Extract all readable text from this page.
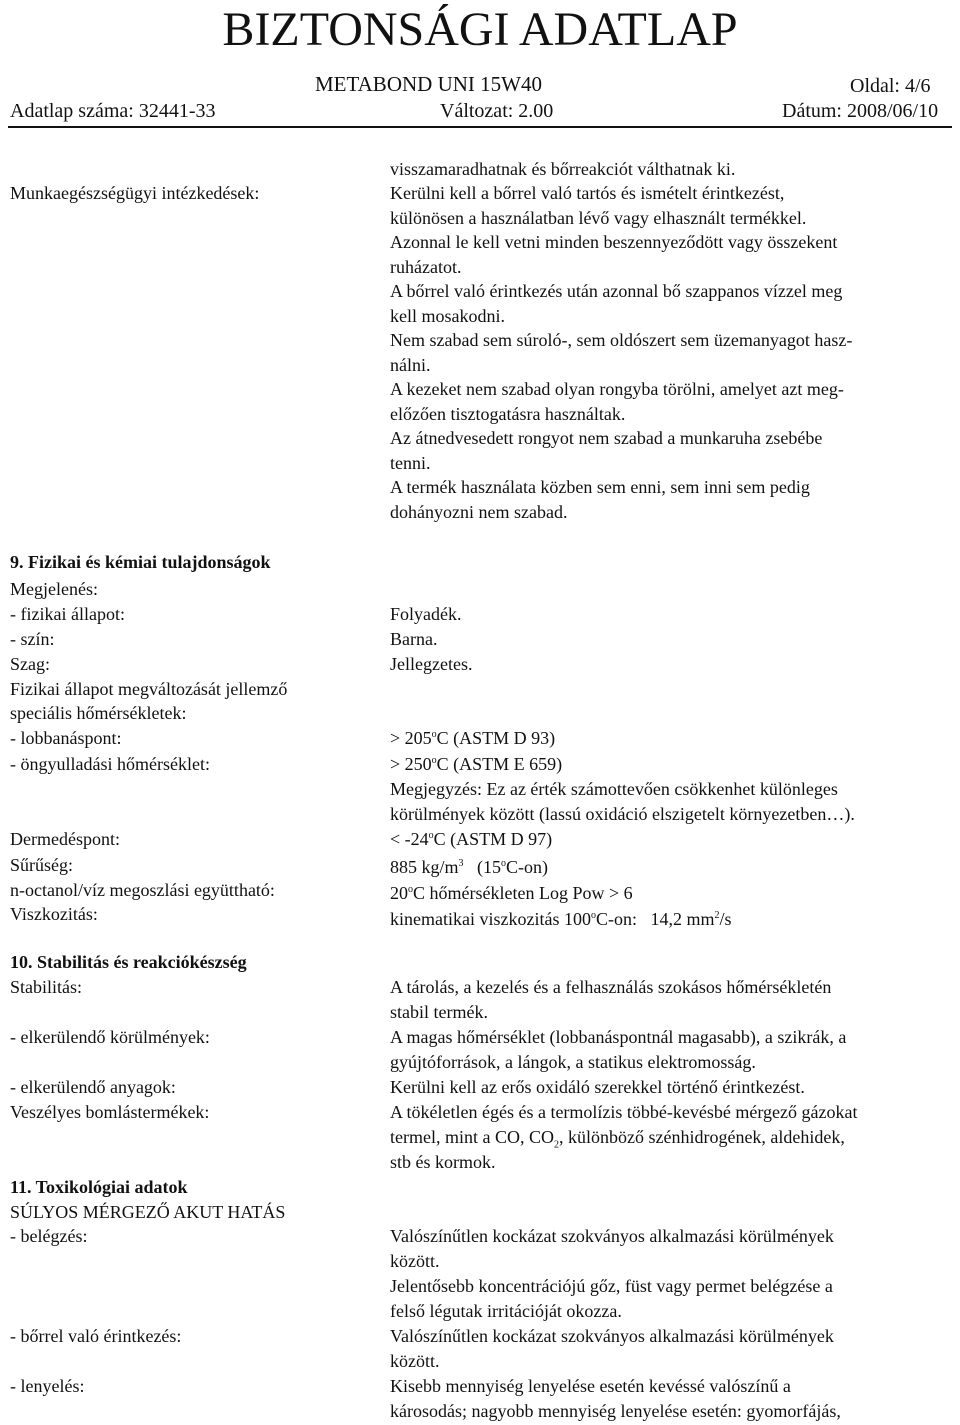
BIZTONSÁGI ADATLAP
METABOND UNI 15W40	Oldal: 4/6
Adatlap száma: 32441-33	Változat: 2.00	Dátum: 2008/06/10
visszamaradhatnak és bőrreakciót válthatnak ki.
Munkaegészségügyi intézkedések:	Kerülni kell a bőrrel való tartós és ismételt érintkezést,
különösen a használatban lévő vagy elhasznált termékkel.
Azonnal le kell vetni minden beszennyeződött vagy összekent
ruházatot.
A bőrrel való érintkezés után azonnal bő szappanos vízzel meg
kell mosakodni.
Nem szabad sem súroló-, sem oldószert sem üzemanyagot hasz-
nálni.
A kezeket nem szabad olyan rongyba törölni, amelyet azt meg-
előzően tisztogatásra használtak.
Az átnedvesedett rongyot nem szabad a munkaruha zsebébe
tenni.
A termék használata közben sem enni, sem inni sem pedig
dohányozni nem szabad.
9. Fizikai és kémiai tulajdonságok
Megjelenés:
- fizikai állapot:	Folyadék.
- szín:	Barna.
Szag:	Jellegzetes.
Fizikai állapot megváltozását jellemző
speciális hőmérsékletek:
- lobbanáspont:	> $205^oC$ (ASTM D 93)
- öngyulladási hőmérséklet:	> $250^oC$ (ASTM E 659)
Megjegyzés: Ez az érték számottevően csökkenhet különleges
körülmények között (lassú oxidáció elszigetelt környezetben…).
Dermedéspont:	< $-24^oC$ (ASTM D 97)
Sűrűség:	885 $kg/m^3$   (15$^o$C-on)
n-octanol/víz megoszlási együttható:	20$^o$C hőmérsékleten Log Pow > 6
Viszkozitás:	kinematikai viszkozitás 100$^o$C-on:   14,2 $mm^2/s$
10. Stabilitás és reakciókészség
Stabilitás:	A tárolás, a kezelés és a felhasználás szokásos hőmérsékletén
stabil termék.
- elkerülendő körülmények:	A magas hőmérséklet (lobbanáspontnál magasabb), a szikrák, a
gyújtóforrások, a lángok, a statikus elektromosság.
- elkerülendő anyagok:	Kerülni kell az erős oxidáló szerekkel történő érintkezést.
Veszélyes bomlástermékek:	A tökéletlen égés és a termolízis többé-kevésbé mérgező gázokat
termel, mint a CO, $CO_2$, különböző szénhidrogének, aldehidek,
stb és kormok.
11. Toxikológiai adatok
SÚLYOS MÉRGEZŐ AKUT HATÁS
- belégzés:	Valószínűtlen kockázat szokványos alkalmazási körülmények
között.
Jelentősebb koncentrációjú gőz, füst vagy permet belégzése a
felső légutak irritációját okozza.
- bőrrel való érintkezés:	Valószínűtlen kockázat szokványos alkalmazási körülmények
között.
- lenyelés:	Kisebb mennyiség lenyelése esetén kevéssé valószínű a
károsodás; nagyobb mennyiség lenyelése esetén: gyomorfájás,
